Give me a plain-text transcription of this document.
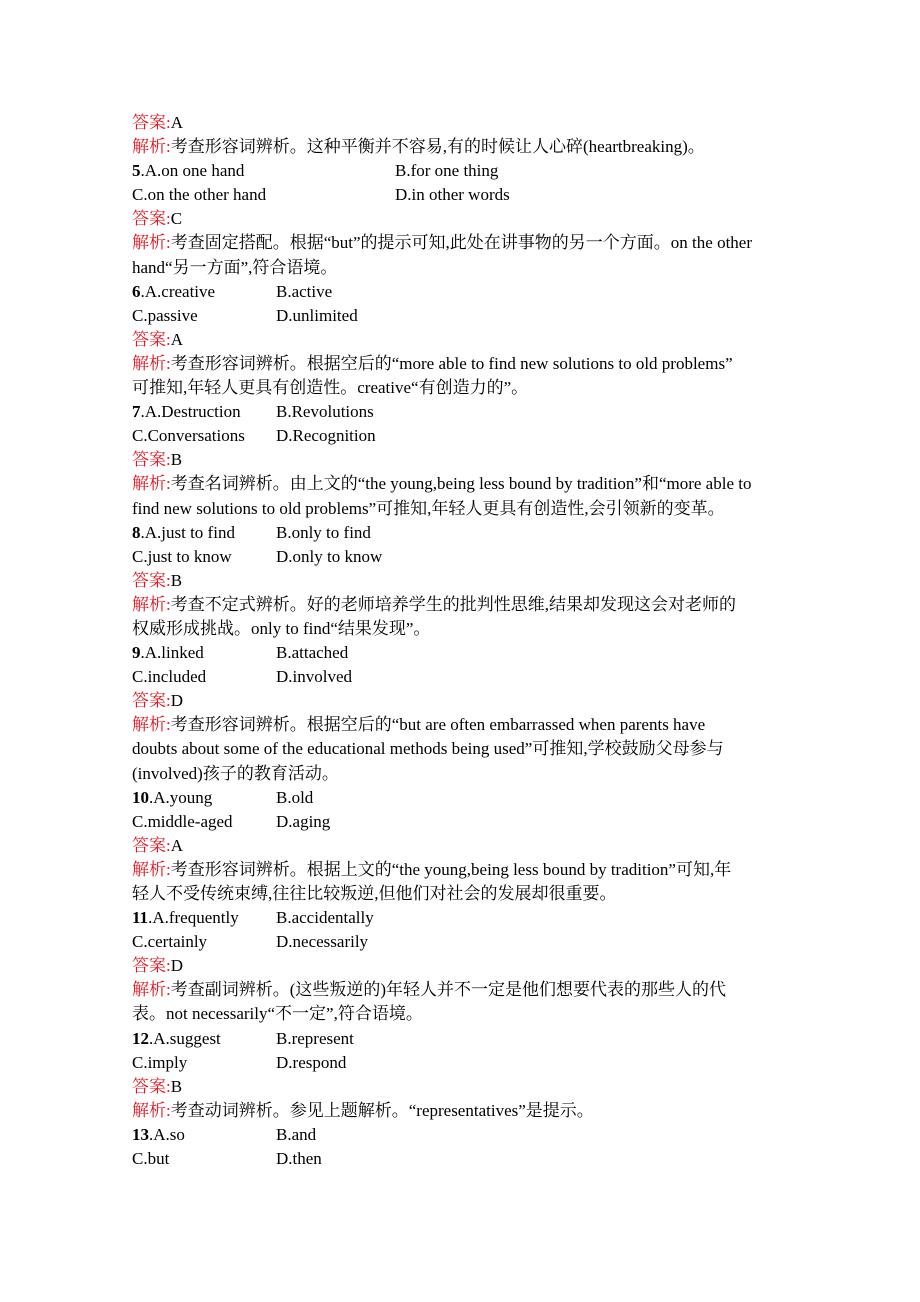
答案:A
解析:考查形容词辨析。这种平衡并不容易,有的时候让人心碎(heartbreaking)。
5.A.on one hand	B.for one thing
C.on the other hand	D.in other words
答案:C
解析:考查固定搭配。根据“but”的提示可知,此处在讲事物的另一个方面。on the other
hand“另一方面”,符合语境。
6.A.creative	B.active
C.passive	D.unlimited
答案:A
解析:考查形容词辨析。根据空后的“more able to find new solutions to old problems”
可推知,年轻人更具有创造性。creative“有创造力的”。
7.A.Destruction B.Revolutions
C.Conversations D.Recognition
答案:B
解析:考查名词辨析。由上文的“the young,being less bound by tradition”和“more able to
find new solutions to old problems”可推知,年轻人更具有创造性,会引领新的变革。
8.A.just to find B.only to find
C.just to know	D.only to know
答案:B
解析:考查不定式辨析。好的老师培养学生的批判性思维,结果却发现这会对老师的
权威形成挑战。only to find“结果发现”。
9.A.linked	B.attached
C.included	D.involved
答案:D
解析:考查形容词辨析。根据空后的“but are often embarrassed when parents have
doubts about some of the educational methods being used”可推知,学校鼓励父母参与
(involved)孩子的教育活动。
10.A.young	B.old
C.middle-aged	D.aging
答案:A
解析:考查形容词辨析。根据上文的“the young,being less bound by tradition”可知,年
轻人不受传统束缚,往往比较叛逆,但他们对社会的发展却很重要。
11.A.frequently B.accidentally
C.certainly	D.necessarily
答案:D
解析:考查副词辨析。(这些叛逆的)年轻人并不一定是他们想要代表的那些人的代
表。not necessarily“不一定”,符合语境。
12.A.suggest	B.represent
C.imply	D.respond
答案:B
解析:考查动词辨析。参见上题解析。“representatives”是提示。
13.A.so	B.and
C.but	D.then
